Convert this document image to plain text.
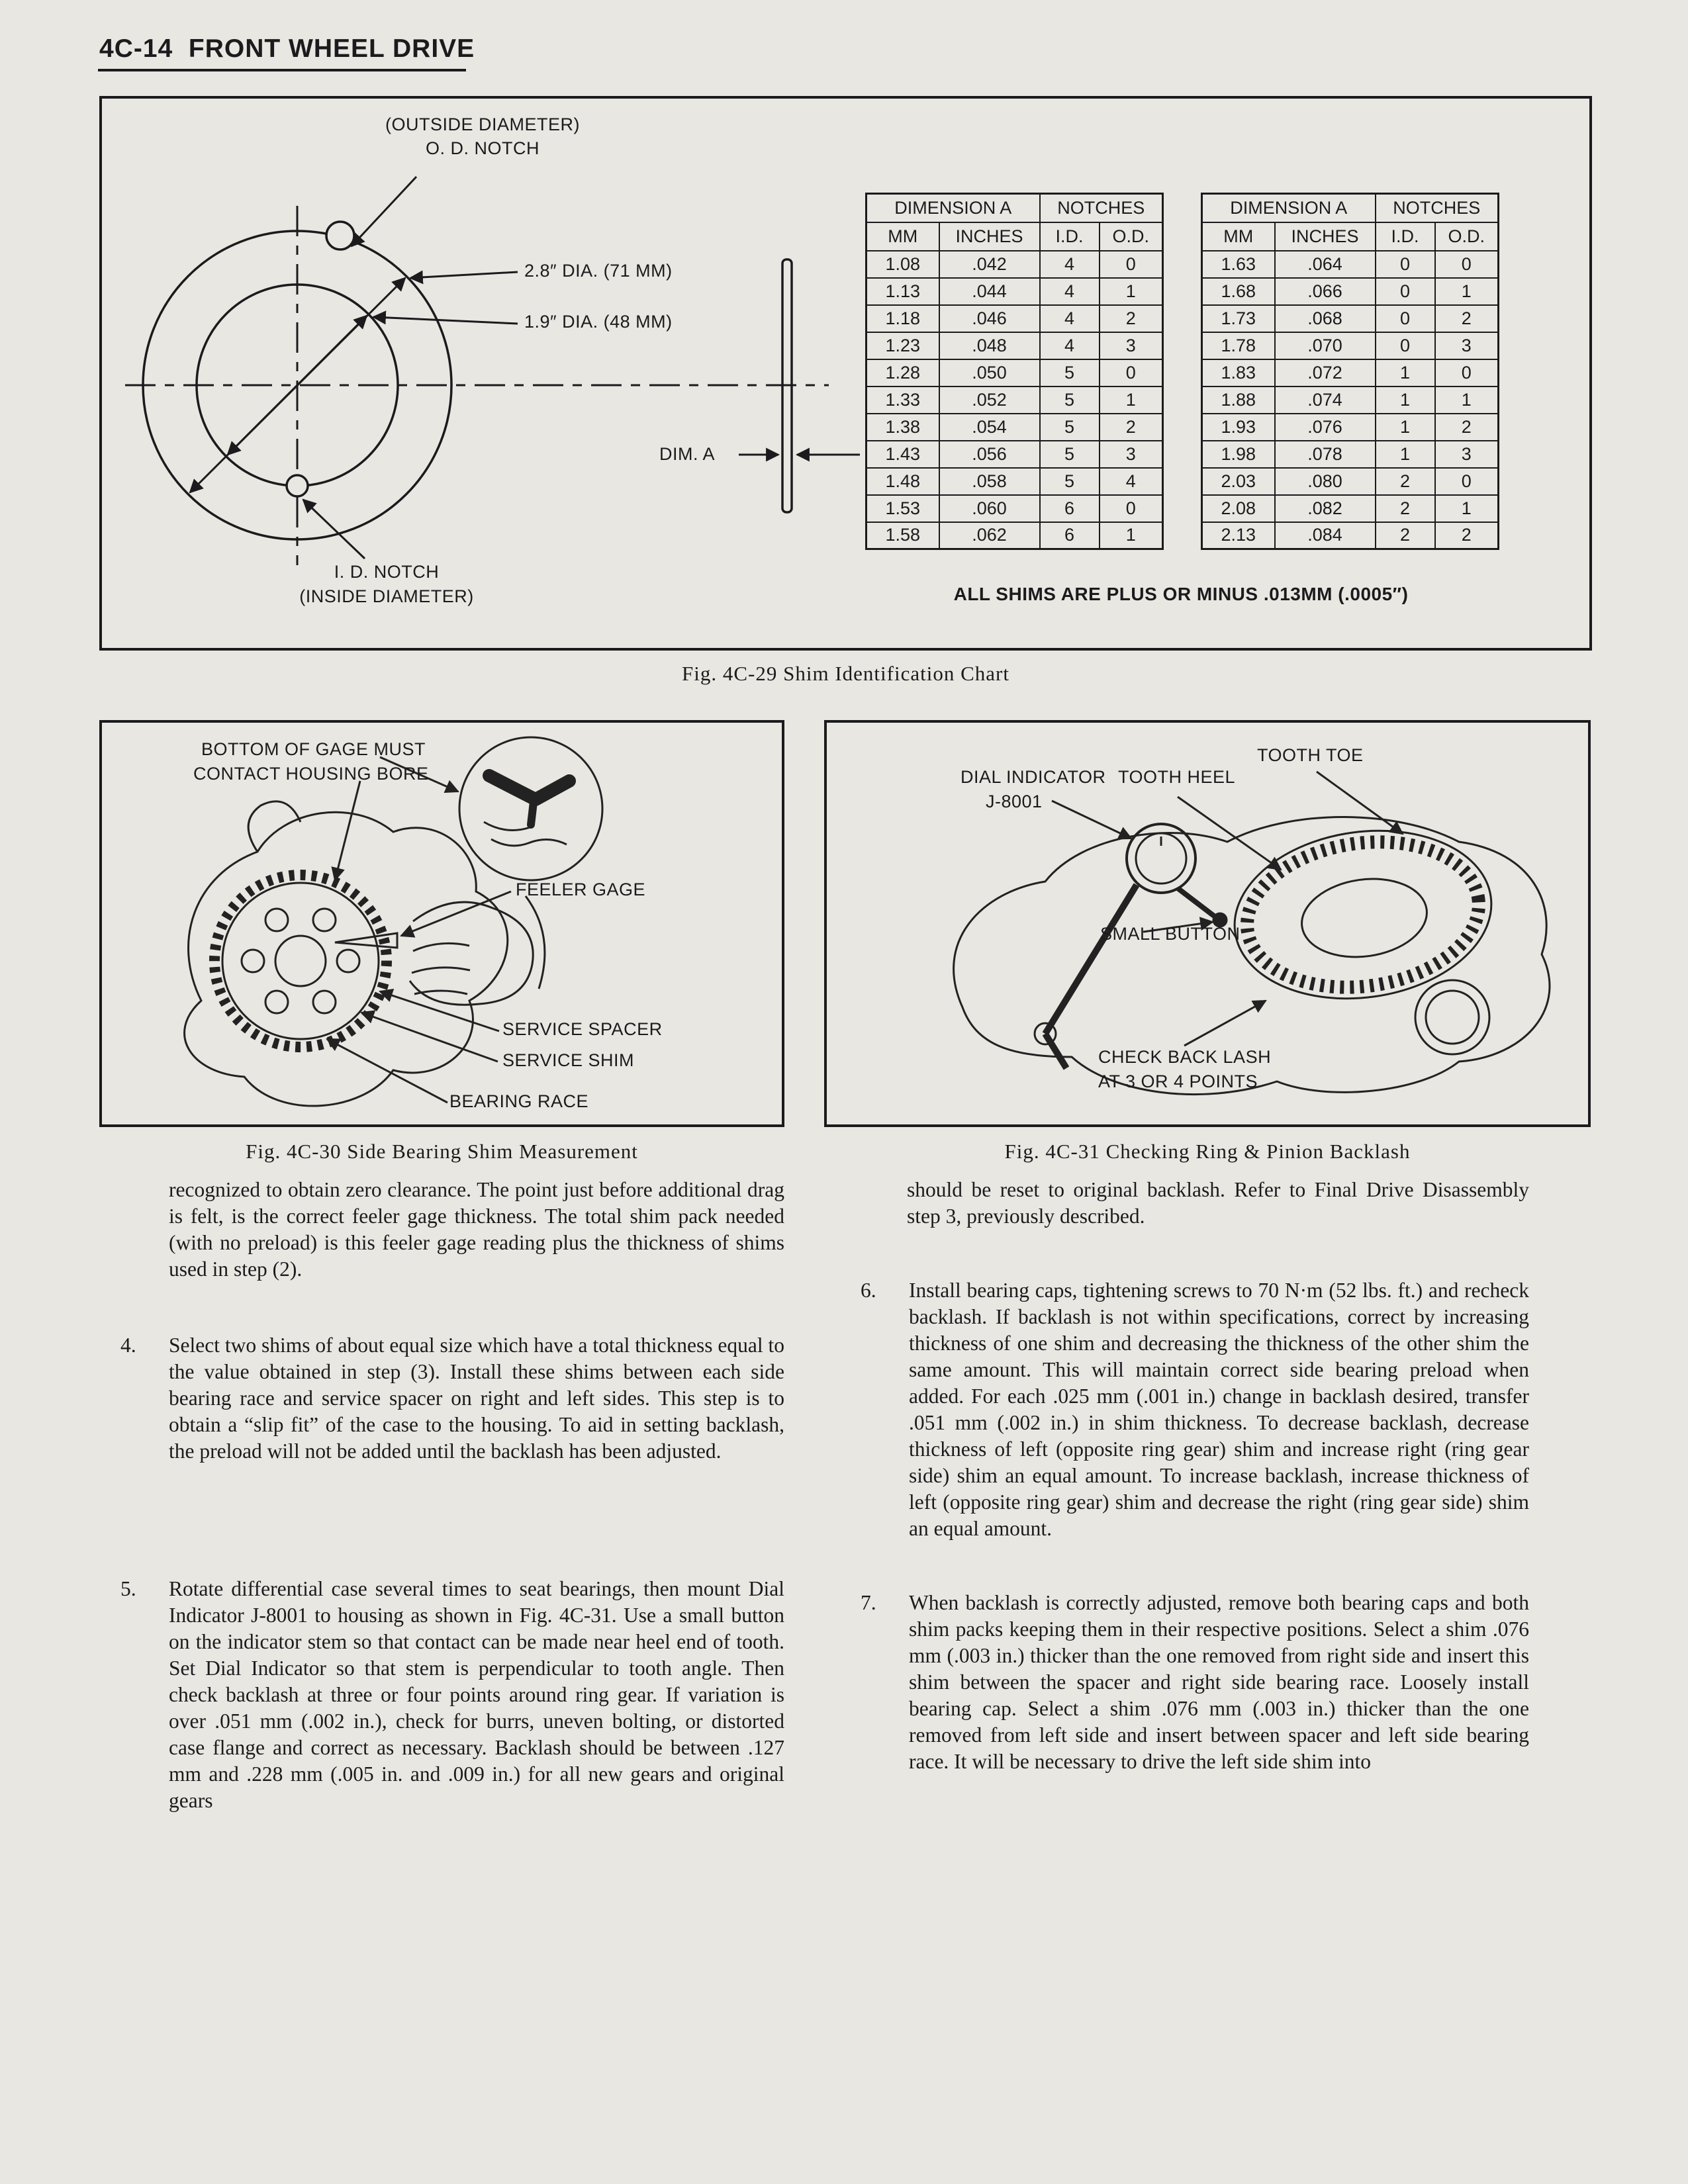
4C-14  FRONT WHEEL DRIVE
(OUTSIDE DIAMETER)
O. D. NOTCH
2.8″ DIA. (71 MM)
1.9″ DIA. (48 MM)
DIM. A
I. D. NOTCH
(INSIDE DIAMETER)
DIMENSION A		NOTCHES	
MM	INCHES	I.D.	O.D.
1.08	.042	4	0
1.13	.044	4	1
1.18	.046	4	2
1.23	.048	4	3
1.28	.050	5	0
1.33	.052	5	1
1.38	.054	5	2
1.43	.056	5	3
1.48	.058	5	4
1.53	.060	6	0
1.58	.062	6	1
DIMENSION A		NOTCHES	
MM	INCHES	I.D.	O.D.
1.63	.064	0	0
1.68	.066	0	1
1.73	.068	0	2
1.78	.070	0	3
1.83	.072	1	0
1.88	.074	1	1
1.93	.076	1	2
1.98	.078	1	3
2.03	.080	2	0
2.08	.082	2	1
2.13	.084	2	2
ALL SHIMS ARE PLUS OR MINUS .013MM (.0005″)
Fig. 4C-29 Shim Identification Chart
BOTTOM OF GAGE MUST
CONTACT HOUSING BORE
FEELER GAGE
SERVICE SPACER
SERVICE SHIM
BEARING RACE
Fig. 4C-30 Side Bearing Shim Measurement
TOOTH TOE
DIAL INDICATOR TOOTH HEEL
J-8001
SMALL BUTTON
CHECK BACK LASH
AT 3 OR 4 POINTS
Fig. 4C-31 Checking Ring & Pinion Backlash

recognized to obtain zero clearance. The point just before additional drag is felt, is the correct feeler gage thickness. The total shim pack needed (with no preload) is this feeler gage reading plus the thickness of shims used in step (2).

4.	Select two shims of about equal size which have a total thickness equal to the value obtained in step (3). Install these shims between each side bearing race and service spacer on right and left sides. This step is to obtain a “slip fit” of the case to the housing. To aid in setting backlash, the preload will not be added until the backlash has been adjusted.

5.	Rotate differential case several times to seat bearings, then mount Dial Indicator J-8001 to housing as shown in Fig. 4C-31. Use a small button on the indicator stem so that contact can be made near heel end of tooth. Set Dial Indicator so that stem is perpendicular to tooth angle. Then check backlash at three or four points around ring gear. If variation is over .051 mm (.002 in.), check for burrs, uneven bolting, or distorted case flange and correct as necessary. Backlash should be between .127 mm and .228 mm (.005 in. and .009 in.) for all new gears and original gears

should be reset to original backlash. Refer to Final Drive Disassembly step 3, previously described.

6.	Install bearing caps, tightening screws to 70 N·m (52 lbs. ft.) and recheck backlash. If backlash is not within specifications, correct by increasing thickness of one shim and decreasing the thickness of the other shim the same amount. This will maintain correct side bearing preload when added. For each .025 mm (.001 in.) change in backlash desired, transfer .051 mm (.002 in.) in shim thickness. To decrease backlash, decrease thickness of left (opposite ring gear) shim and increase right (ring gear side) shim an equal amount. To increase backlash, increase thickness of left (opposite ring gear) shim and decrease the right (ring gear side) shim an equal amount.

7.	When backlash is correctly adjusted, remove both bearing caps and both shim packs keeping them in their respective positions. Select a shim .076 mm (.003 in.) thicker than the one removed from right side and insert this shim between the spacer and right side bearing race. Loosely install bearing cap. Select a shim .076 mm (.003 in.) thicker than the one removed from left side and insert between spacer and left side bearing race. It will be necessary to drive the left side shim into
